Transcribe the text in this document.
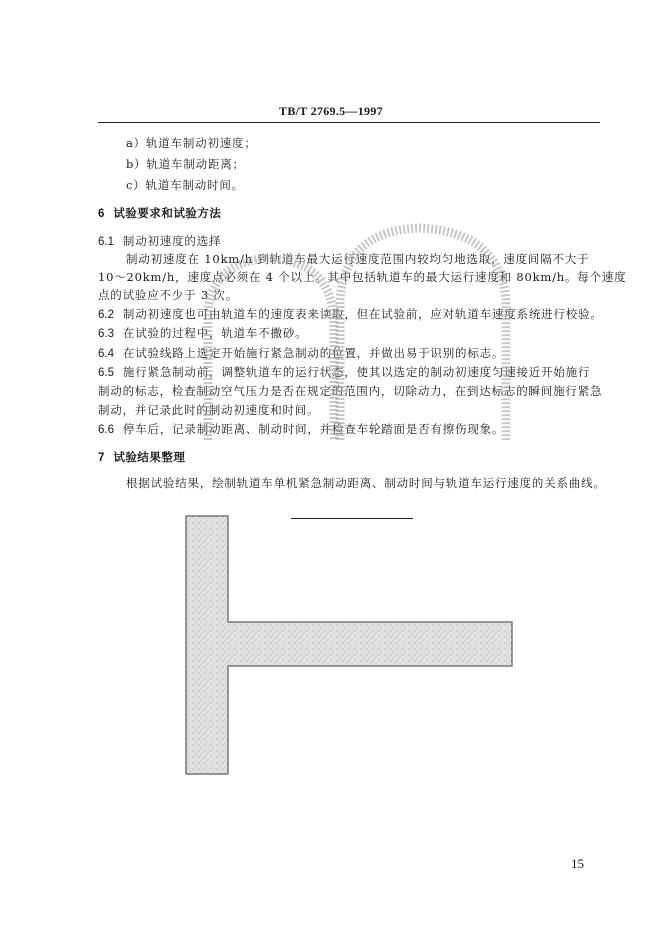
TB/T 2769.5—1997
a）轨道车制动初速度；
b）轨道车制动距离；
c）轨道车制动时间。
6 试验要求和试验方法
6.1 制动初速度的选择
制动初速度在 10km/h 到轨道车最大运行速度范围内较均匀地选取，速度间隔不大于
10～20km/h，速度点必须在 4 个以上。其中包括轨道车的最大运行速度和 80km/h。每个速度
点的试验应不少于 3 次。
6.2 制动初速度也可由轨道车的速度表来读取，但在试验前，应对轨道车速度系统进行校验。
6.3 在试验的过程中，轨道车不撒砂。
6.4 在试验线路上选定开始施行紧急制动的位置，并做出易于识别的标志。
6.5 施行紧急制动前，调整轨道车的运行状态，使其以选定的制动初速度匀速接近开始施行
制动的标志，检查制动空气压力是否在规定的范围内，切除动力，在到达标志的瞬间施行紧急
制动，并记录此时的制动初速度和时间。
6.6 停车后，记录制动距离、制动时间，并检查车轮踏面是否有擦伤现象。
7 试验结果整理
根据试验结果，绘制轨道车单机紧急制动距离、制动时间与轨道车运行速度的关系曲线。
15
